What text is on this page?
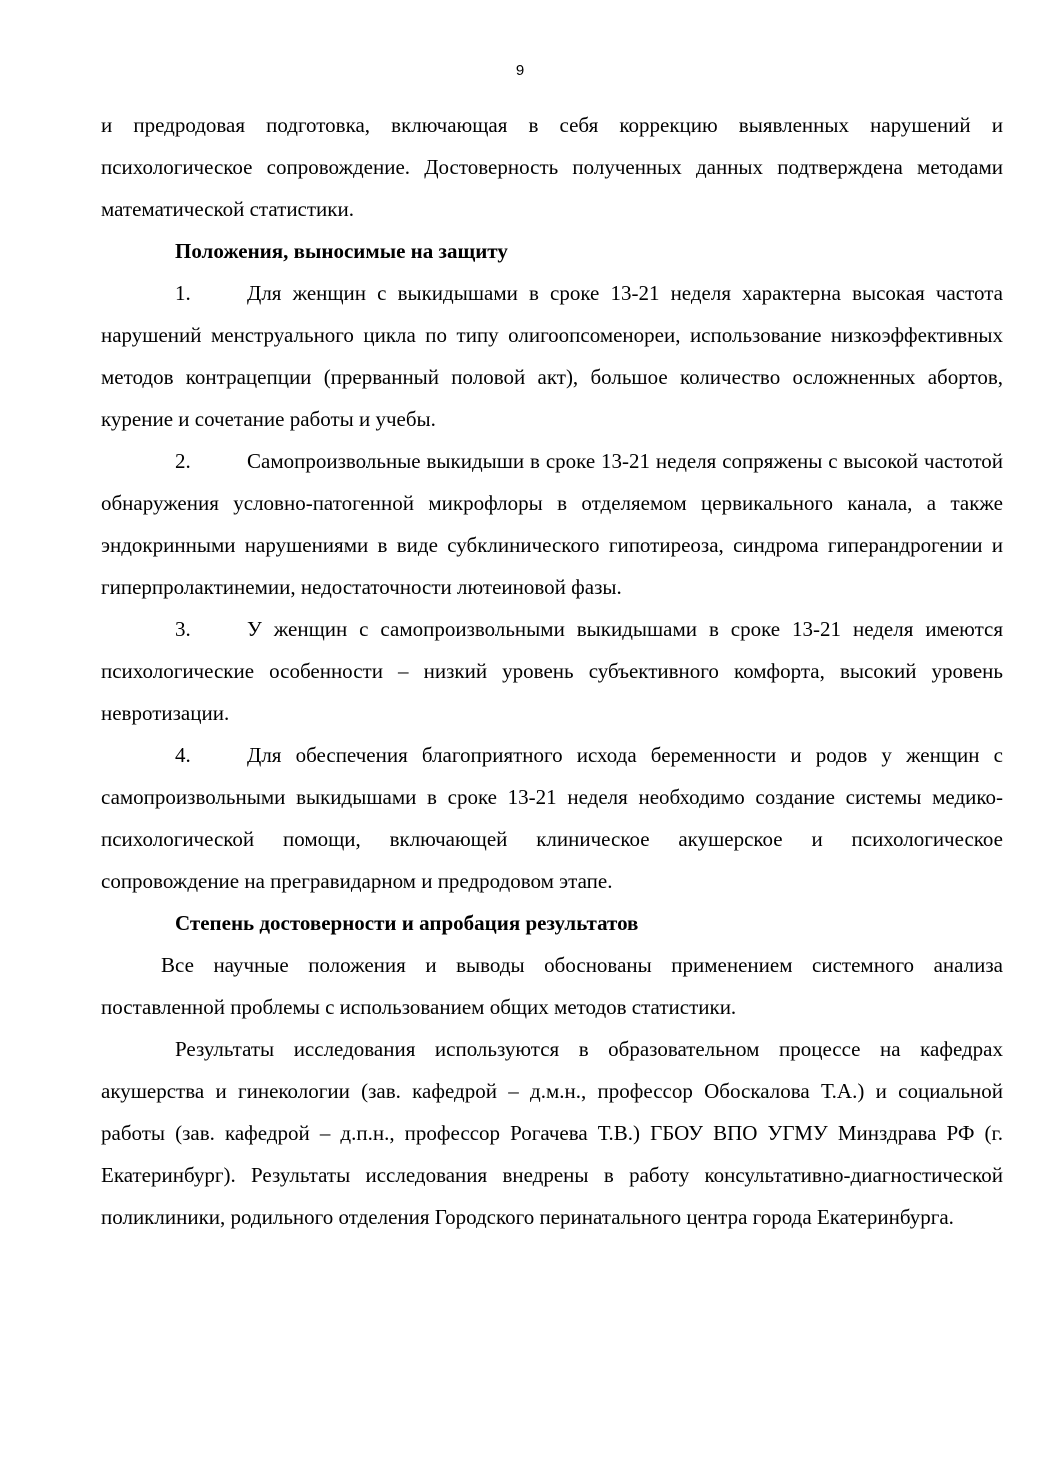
9

и предродовая подготовка, включающая в себя коррекцию выявленных нарушений и психологическое сопровождение. Достоверность полученных данных подтверждена методами математической статистики.

Положения, выносимые на защиту

1.	Для женщин с выкидышами в сроке 13-21 неделя характерна высокая частота нарушений менструального цикла по типу олигоопсоменореи, использование низкоэффективных методов контрацепции (прерванный половой акт), большое количество осложненных абортов, курение и сочетание работы и учебы.

2.	Самопроизвольные выкидыши в сроке 13-21 неделя сопряжены с высокой частотой обнаружения условно-патогенной микрофлоры в отделяемом цервикального канала, а также эндокринными нарушениями в виде субклинического гипотиреоза, синдрома гиперандрогении и гиперпролактинемии, недостаточности лютеиновой фазы.

3.	У женщин с самопроизвольными выкидышами в сроке 13-21 неделя имеются психологические особенности – низкий уровень субъективного комфорта, высокий уровень невротизации.

4.	Для обеспечения благоприятного исхода беременности и родов у женщин с самопроизвольными выкидышами в сроке 13-21 неделя необходимо создание системы медико-психологической помощи, включающей клиническое акушерское и психологическое сопровождение на прегравидарном и предродовом этапе.

Степень достоверности и апробация результатов

Все научные положения и выводы обоснованы применением системного анализа поставленной проблемы с использованием общих методов статистики.

Результаты исследования используются в образовательном процессе на кафедрах акушерства и гинекологии (зав. кафедрой – д.м.н., профессор Обоскалова Т.А.) и социальной работы (зав. кафедрой – д.п.н., профессор Рогачева Т.В.) ГБОУ ВПО УГМУ Минздрава РФ (г. Екатеринбург). Результаты исследования внедрены в работу консультативно-диагностической поликлиники, родильного отделения Городского перинатального центра города Екатеринбурга.
